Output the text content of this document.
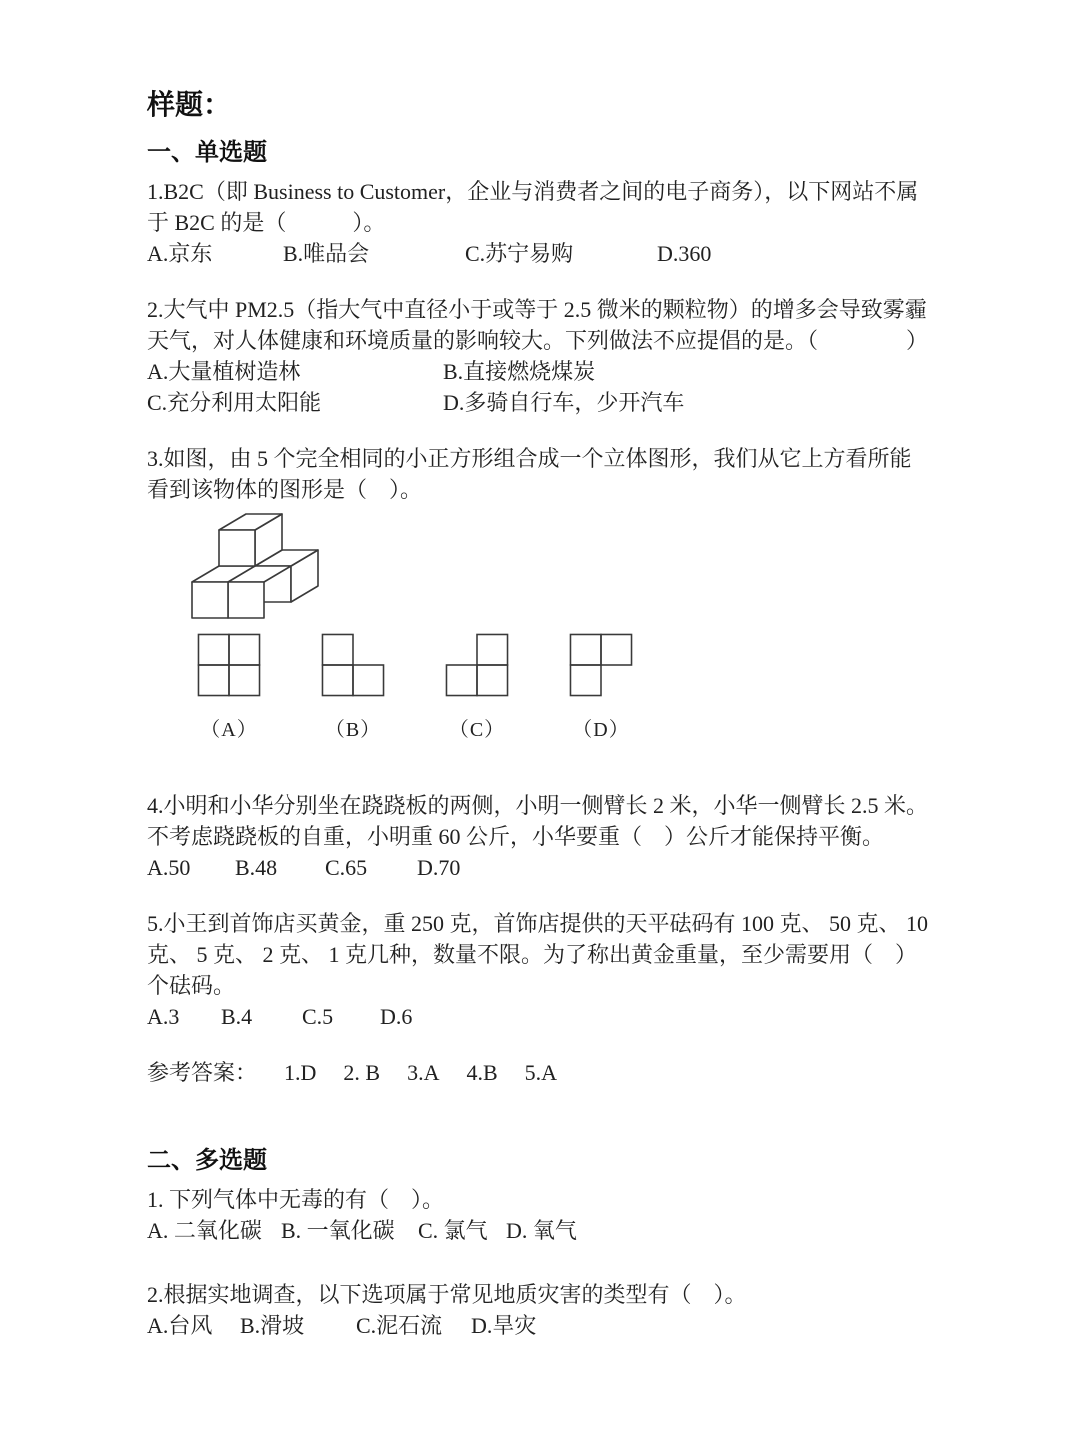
样题：
一、单选题
1.B2C（即 Business to Customer，企业与消费者之间的电子商务），以下网站不属
于 B2C 的是（　　　）。
A.京东	B.唯品会	C.苏宁易购	D.360
2.大气中 PM2.5（指大气中直径小于或等于 2.5 微米的颗粒物）的增多会导致雾霾
天气，对人体健康和环境质量的影响较大。下列做法不应提倡的是。（　　　　）
A.大量植树造林	B.直接燃烧煤炭
C.充分利用太阳能	D.多骑自行车，少开汽车
3.如图，由 5 个完全相同的小正方形组合成一个立体图形，我们从它上方看所能
看到该物体的图形是（　）。
（A）	（B）	（C）	（D）
4.小明和小华分别坐在跷跷板的两侧，小明一侧臂长 2 米，小华一侧臂长 2.5 米。
不考虑跷跷板的自重，小明重 60 公斤，小华要重（　）公斤才能保持平衡。
A.50	B.48	C.65	D.70
5.小王到首饰店买黄金，重 250 克，首饰店提供的天平砝码有 100 克、 50 克、 10
克、 5 克、 2 克、 1 克几种，数量不限。为了称出黄金重量，至少需要用（　）
个砝码。
A.3	B.4	C.5	D.6
参考答案： 1.D 2. B 3.A 4.B 5.A
二、多选题
1. 下列气体中无毒的有（　）。
A. 二氧化碳 B. 一氧化碳	C. 氯气 D. 氧气
2.根据实地调查，以下选项属于常见地质灾害的类型有（　）。
A.台风	B.滑坡	C.泥石流	D.旱灾
